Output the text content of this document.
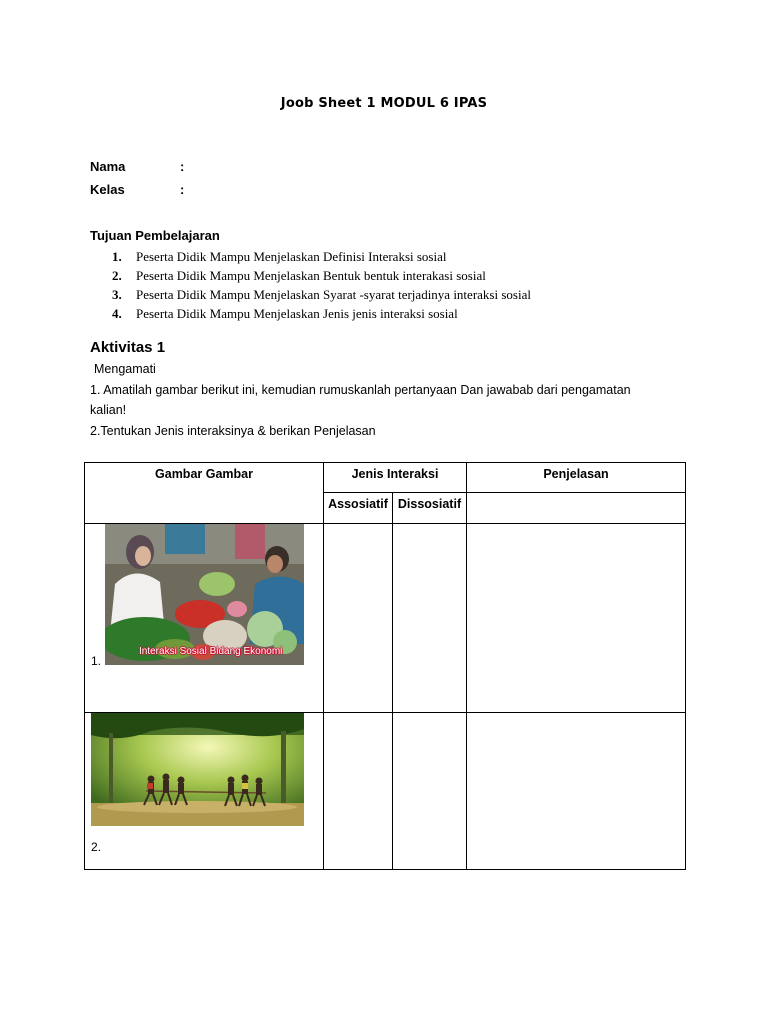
Joob Sheet 1 MODUL 6 IPAS
Nama	:
Kelas	:
Tujuan Pembelajaran
1. Peserta Didik Mampu Menjelaskan Definisi Interaksi sosial
2. Peserta Didik Mampu Menjelaskan Bentuk bentuk interakasi sosial
3. Peserta Didik Mampu Menjelaskan Syarat -syarat terjadinya interaksi sosial
4. Peserta Didik Mampu Menjelaskan Jenis jenis interaksi sosial
Aktivitas 1
Mengamati
1. Amatilah gambar berikut ini, kemudian rumuskanlah pertanyaan Dan jawabab dari pengamatan
kalian!
2.Tentukan Jenis interaksinya & berikan Penjelasan
Gambar Gambar	Jenis Interaksi		Penjelasan
	Assosiatif	Dissosiatif	

1.
Interaksi Sosial Bidang Ekonomi			

2.			
